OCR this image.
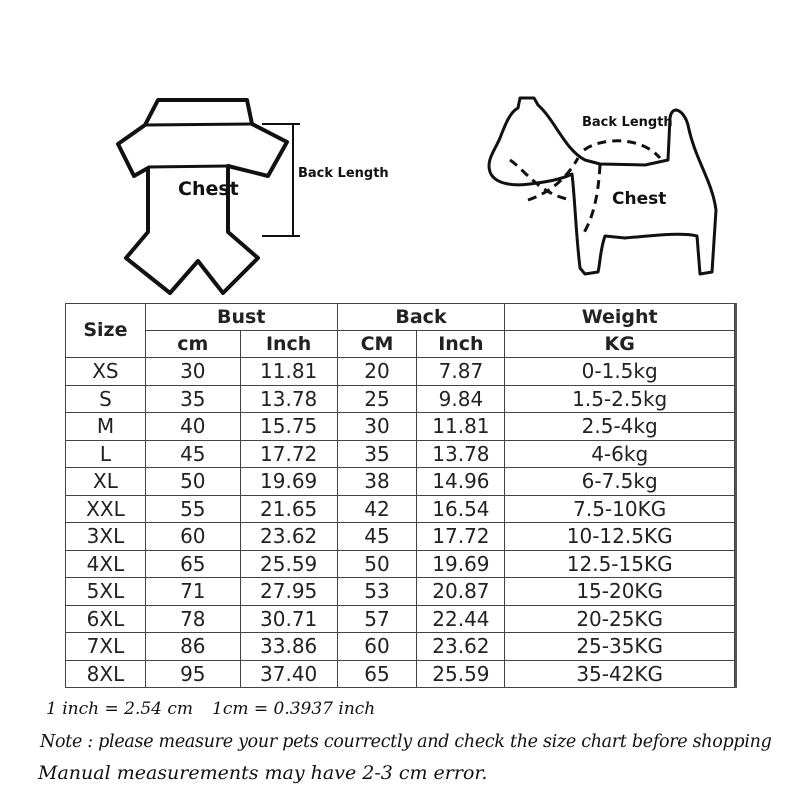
Chest
Back Length
Back Length
Chest
Size	Bust		Back		Weight
	cm	Inch	CM	Inch	KG
XS	30	11.81	20	7.87	0-1.5kg
S	35	13.78	25	9.84	1.5-2.5kg
M	40	15.75	30	11.81	2.5-4kg
L	45	17.72	35	13.78	4-6kg
XL	50	19.69	38	14.96	6-7.5kg
XXL	55	21.65	42	16.54	7.5-10KG
3XL	60	23.62	45	17.72	10-12.5KG
4XL	65	25.59	50	19.69	12.5-15KG
5XL	71	27.95	53	20.87	15-20KG
6XL	78	30.71	57	22.44	20-25KG
7XL	86	33.86	60	23.62	25-35KG
8XL	95	37.40	65	25.59	35-42KG
1 inch = 2.54 cm 1cm = 0.3937 inch
Note : please measure your pets courrectly and check the size chart before shopping
Manual measurements may have 2-3 cm error.
